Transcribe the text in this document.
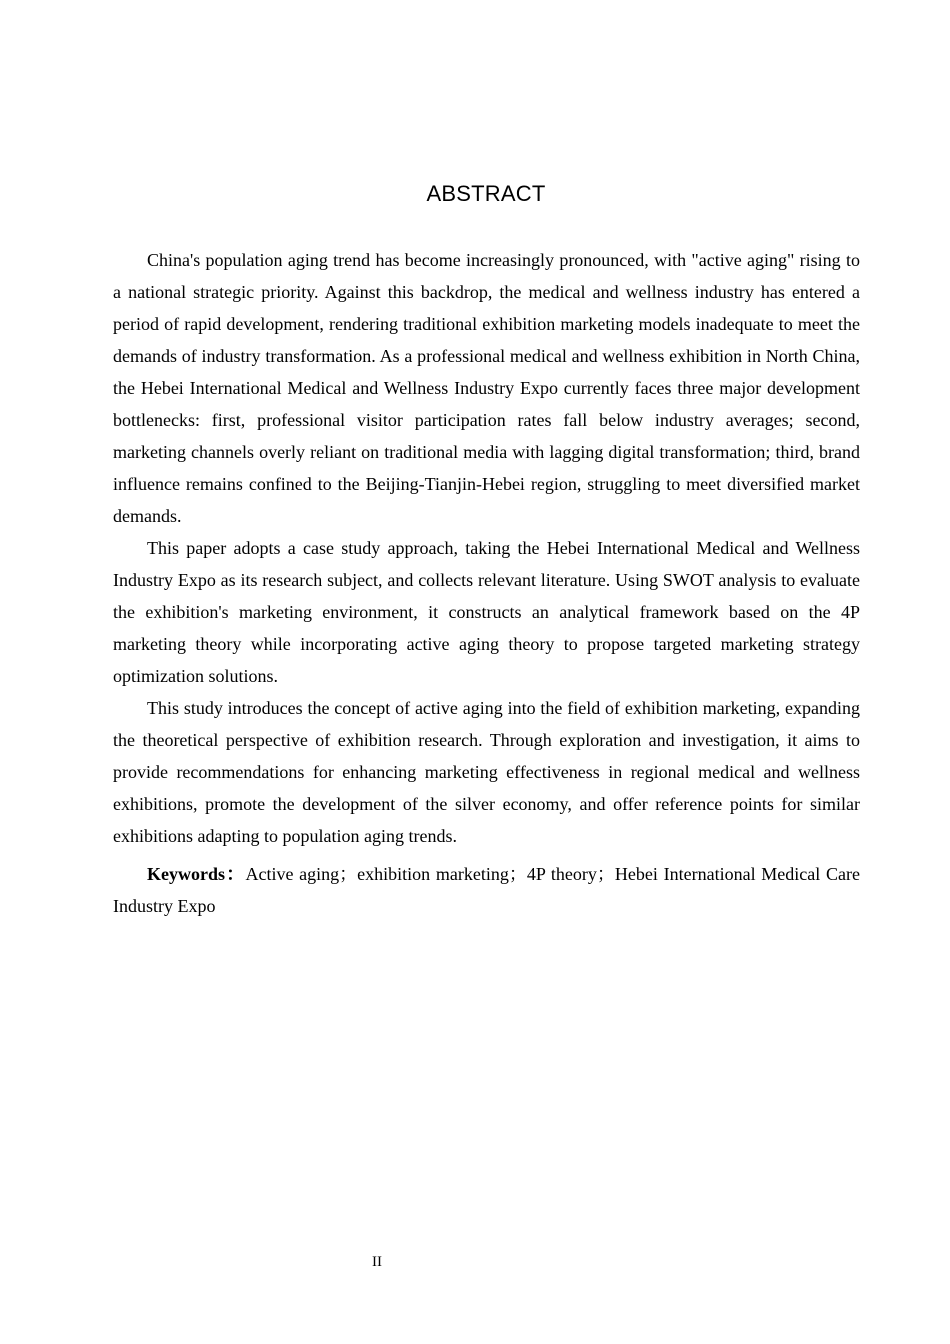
ABSTRACT

China's population aging trend has become increasingly pronounced, with "active aging" rising to a national strategic priority. Against this backdrop, the medical and wellness industry has entered a period of rapid development, rendering traditional exhibition marketing models inadequate to meet the demands of industry transformation. As a professional medical and wellness exhibition in North China, the Hebei International Medical and Wellness Industry Expo currently faces three major development bottlenecks: first, professional visitor participation rates fall below industry averages; second, marketing channels overly reliant on traditional media with lagging digital transformation; third, brand influence remains confined to the Beijing-Tianjin-Hebei region, struggling to meet diversified market demands.

This paper adopts a case study approach, taking the Hebei International Medical and Wellness Industry Expo as its research subject, and collects relevant literature. Using SWOT analysis to evaluate the exhibition's marketing environment, it constructs an analytical framework based on the 4P marketing theory while incorporating active aging theory to propose targeted marketing strategy optimization solutions.

This study introduces the concept of active aging into the field of exhibition marketing, expanding the theoretical perspective of exhibition research. Through exploration and investigation, it aims to provide recommendations for enhancing marketing effectiveness in regional medical and wellness exhibitions, promote the development of the silver economy, and offer reference points for similar exhibitions adapting to population aging trends.

Keywords：Active aging；exhibition marketing；4P theory；Hebei International Medical Care Industry Expo

II
